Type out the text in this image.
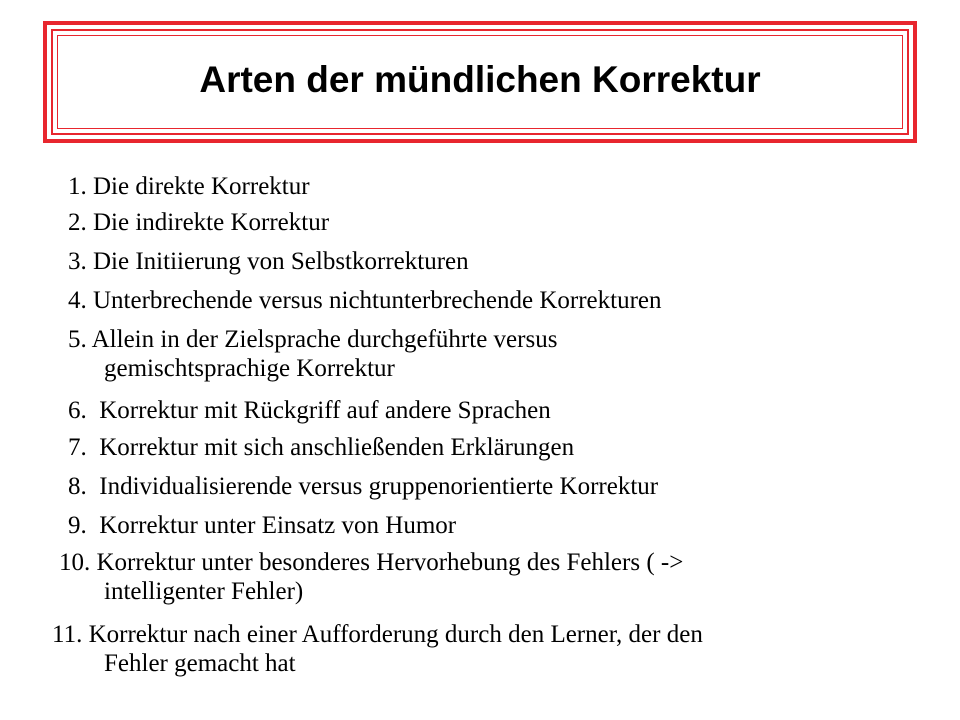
Arten der mündlichen Korrektur
1. Die direkte Korrektur
2. Die indirekte Korrektur
3. Die Initiierung von Selbstkorrekturen
4. Unterbrechende versus nichtunterbrechende Korrekturen
5. Allein in der Zielsprache durchgeführte versus
gemischtsprachige Korrektur
6. Korrektur mit Rückgriff auf andere Sprachen
7. Korrektur mit sich anschließenden Erklärungen
8. Individualisierende versus gruppenorientierte Korrektur
9. Korrektur unter Einsatz von Humor
10. Korrektur unter besonderes Hervorhebung des Fehlers ( ->
intelligenter Fehler)
11. Korrektur nach einer Aufforderung durch den Lerner, der den
Fehler gemacht hat
